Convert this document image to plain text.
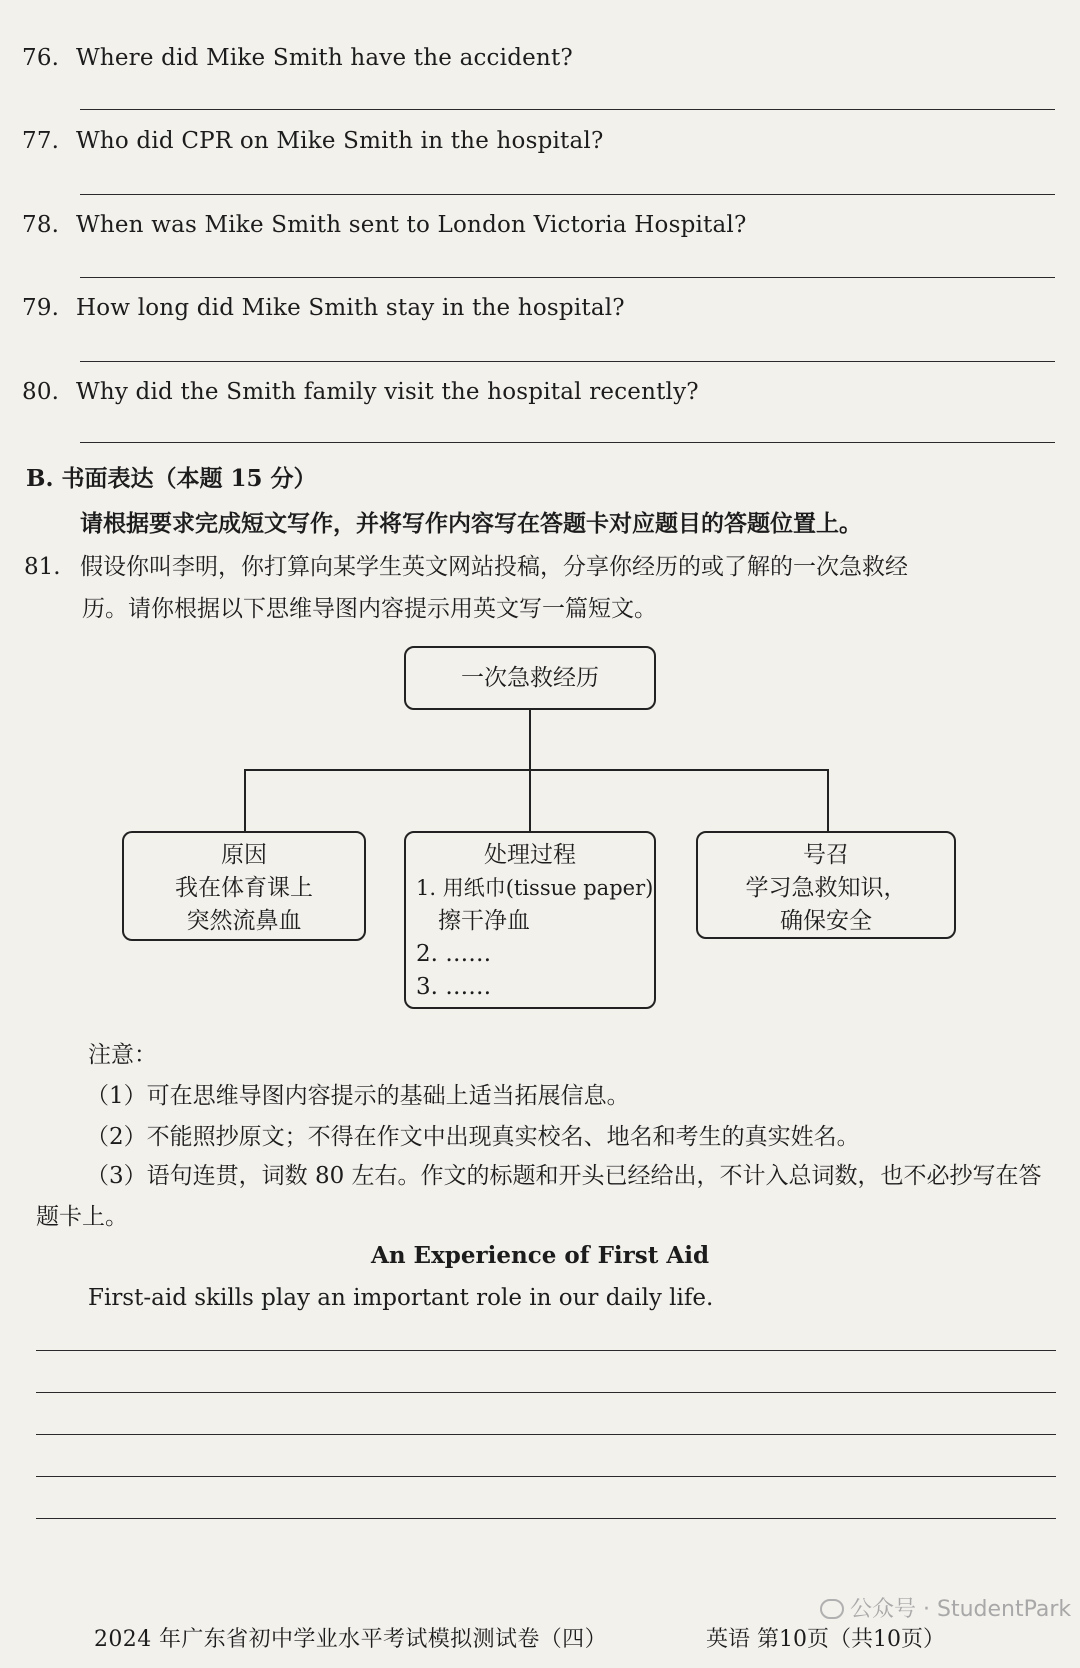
76. Where did Mike Smith have the accident?
77. Who did CPR on Mike Smith in the hospital?
78. When was Mike Smith sent to London Victoria Hospital?
79. How long did Mike Smith stay in the hospital?
80. Why did the Smith family visit the hospital recently?
B. 书面表达（本题 15 分）
请根据要求完成短文写作，并将写作内容写在答题卡对应题目的答题位置上。
81. 假设你叫李明，你打算向某学生英文网站投稿，分享你经历的或了解的一次急救经
历。请你根据以下思维导图内容提示用英文写一篇短文。
一次急救经历
原因
我在体育课上
突然流鼻血
处理过程
1. 用纸巾(tissue paper)
擦干净血
2. ……
3. ……
号召
学习急救知识，
确保安全
注意：
（1）可在思维导图内容提示的基础上适当拓展信息。
（2）不能照抄原文；不得在作文中出现真实校名、地名和考生的真实姓名。
（3）语句连贯，词数 80 左右。作文的标题和开头已经给出，不计入总词数，也不必抄写在答题卡上。
An Experience of First Aid
First-aid skills play an important role in our daily life.
2024 年广东省初中学业水平考试模拟测试卷（四）	英语 第10页（共10页）
公众号 · StudentPark
